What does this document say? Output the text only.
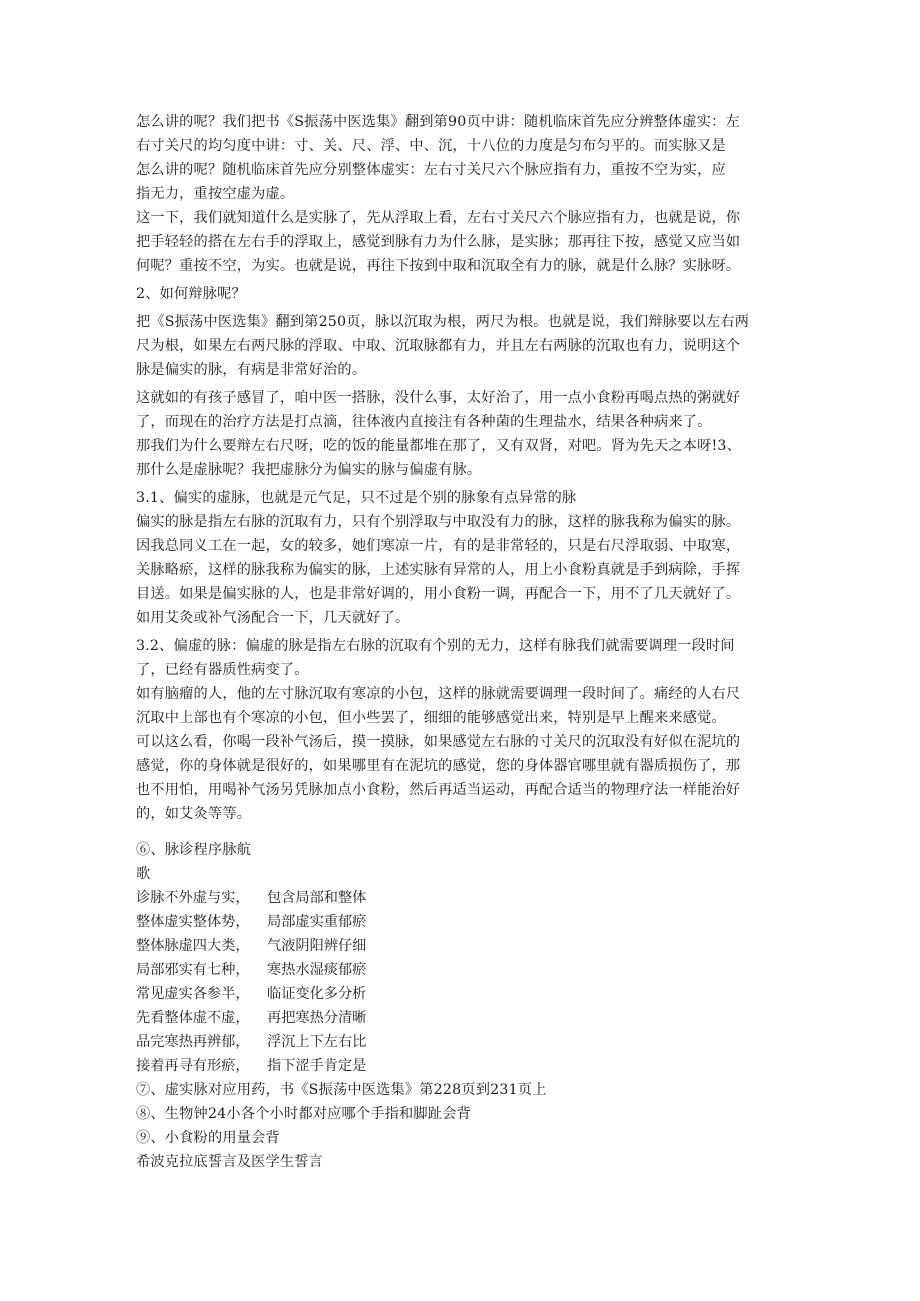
怎么讲的呢？我们把书《S振荡中医选集》翻到第90页中讲：随机临床首先应分辨整体虚实：左
右寸关尺的均匀度中讲：寸、关、尺、浮、中、沉，十八位的力度是匀布匀平的。而实脉又是
怎么讲的呢？随机临床首先应分别整体虚实：左右寸关尺六个脉应指有力，重按不空为实，应
指无力，重按空虚为虚。
这一下，我们就知道什么是实脉了，先从浮取上看，左右寸关尺六个脉应指有力，也就是说，你
把手轻轻的搭在左右手的浮取上，感觉到脉有力为什么脉，是实脉；那再往下按，感觉又应当如
何呢？重按不空，为实。也就是说，再往下按到中取和沉取全有力的脉，就是什么脉？实脉呀。
2、如何辩脉呢？
把《S振荡中医选集》翻到第250页，脉以沉取为根，两尺为根。也就是说，我们辩脉要以左右两
尺为根，如果左右两尺脉的浮取、中取、沉取脉都有力，并且左右两脉的沉取也有力，说明这个
脉是偏实的脉，有病是非常好治的。
这就如的有孩子感冒了，咱中医一搭脉，没什么事，太好治了，用一点小食粉再喝点热的粥就好
了，而现在的治疗方法是打点滴，往体液内直接注有各种菌的生理盐水，结果各种病来了。
那我们为什么要辩左右尺呀，吃的饭的能量都堆在那了，又有双肾，对吧。肾为先天之本呀!3、
那什么是虚脉呢？我把虚脉分为偏实的脉与偏虚有脉。
3.1、偏实的虚脉，也就是元气足，只不过是个别的脉象有点异常的脉
偏实的脉是指左右脉的沉取有力，只有个别浮取与中取没有力的脉，这样的脉我称为偏实的脉。
因我总同义工在一起，女的较多，她们寒凉一片，有的是非常轻的，只是右尺浮取弱、中取寒，
关脉略瘀，这样的脉我称为偏实的脉，上述实脉有异常的人，用上小食粉真就是手到病除，手挥
目送。如果是偏实脉的人，也是非常好调的，用小食粉一调，再配合一下，用不了几天就好了。
如用艾灸或补气汤配合一下，几天就好了。
3.2、偏虚的脉：偏虚的脉是指左右脉的沉取有个别的无力，这样有脉我们就需要调理一段时间
了，已经有器质性病变了。
如有脑瘤的人，他的左寸脉沉取有寒凉的小包，这样的脉就需要调理一段时间了。痛经的人右尺
沉取中上部也有个寒凉的小包，但小些罢了，细细的能够感觉出来，特别是早上醒来来感觉。
可以这么看，你喝一段补气汤后，摸一摸脉，如果感觉左右脉的寸关尺的沉取没有好似在泥坑的
感觉，你的身体就是很好的，如果哪里有在泥坑的感觉，您的身体器官哪里就有器质损伤了，那
也不用怕，用喝补气汤另凭脉加点小食粉，然后再适当运动，再配合适当的物理疗法一样能治好
的，如艾灸等等。
⑥、脉诊程序脉航
歌
诊脉不外虚与实， 包含局部和整体
整体虚实整体势， 局部虚实重郁瘀
整体脉虚四大类， 气液阴阳辨仔细
局部邪实有七种， 寒热水湿痰郁瘀
常见虚实各参半， 临证变化多分析
先看整体虚不虚， 再把寒热分清晰
品完寒热再辨郁， 浮沉上下左右比
接着再寻有形瘀， 指下涩手肯定是
⑦、虚实脉对应用药，书《S振荡中医选集》第228页到231页上
⑧、生物钟24小各个小时都对应哪个手指和脚趾会背
⑨、小食粉的用量会背
希波克拉底誓言及医学生誓言
